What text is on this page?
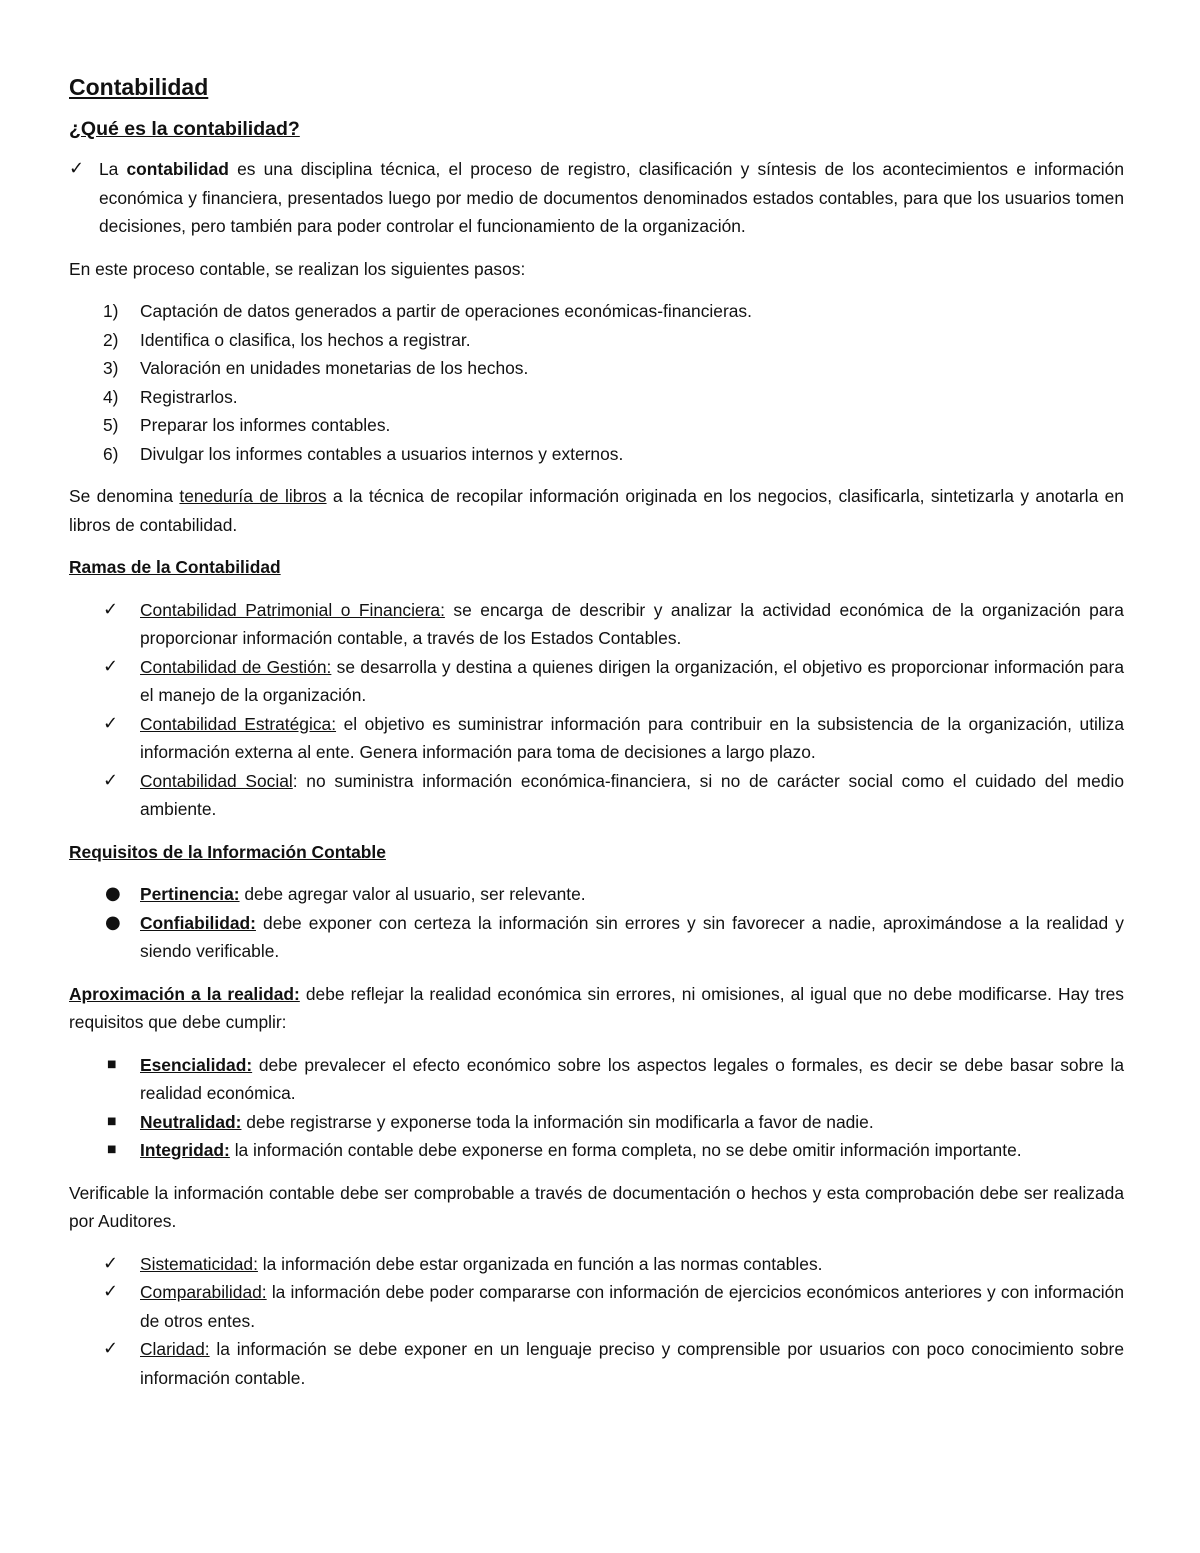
Contabilidad
¿Qué es la contabilidad?
✓ La contabilidad es una disciplina técnica, el proceso de registro, clasificación y síntesis de los acontecimientos e información económica y financiera, presentados luego por medio de documentos denominados estados contables, para que los usuarios tomen decisiones, pero también para poder controlar el funcionamiento de la organización.

En este proceso contable, se realizan los siguientes pasos:

1)	Captación de datos generados a partir de operaciones económicas-financieras.
2)	Identifica o clasifica, los hechos a registrar.
3)	Valoración en unidades monetarias de los hechos.
4)	Registrarlos.
5)	Preparar los informes contables.
6)	Divulgar los informes contables a usuarios internos y externos.

Se denomina teneduría de libros a la técnica de recopilar información originada en los negocios, clasificarla, sintetizarla y anotarla en libros de contabilidad.

Ramas de la Contabilidad
✓	Contabilidad Patrimonial o Financiera: se encarga de describir y analizar la actividad económica de la organización para proporcionar información contable, a través de los Estados Contables.
✓	Contabilidad de Gestión: se desarrolla y destina a quienes dirigen la organización, el objetivo es proporcionar información para el manejo de la organización.
✓	Contabilidad Estratégica: el objetivo es suministrar información para contribuir en la subsistencia de la organización, utiliza información externa al ente. Genera información para toma de decisiones a largo plazo.
✓	Contabilidad Social: no suministra información económica-financiera, si no de carácter social como el cuidado del medio ambiente.
Requisitos de la Información Contable
●	Pertinencia: debe agregar valor al usuario, ser relevante.
●	Confiabilidad: debe exponer con certeza la información sin errores y sin favorecer a nadie, aproximándose a la realidad y siendo verificable.

Aproximación a la realidad: debe reflejar la realidad económica sin errores, ni omisiones, al igual que no debe modificarse. Hay tres requisitos que debe cumplir:

■	Esencialidad: debe prevalecer el efecto económico sobre los aspectos legales o formales, es decir se debe basar sobre la realidad económica.
■	Neutralidad: debe registrarse y exponerse toda la información sin modificarla a favor de nadie.
■	Integridad: la información contable debe exponerse en forma completa, no se debe omitir información importante.

Verificable la información contable debe ser comprobable a través de documentación o hechos y esta comprobación debe ser realizada por Auditores.

✓	Sistematicidad: la información debe estar organizada en función a las normas contables.
✓	Comparabilidad: la información debe poder compararse con información de ejercicios económicos anteriores y con información de otros entes.
✓	Claridad: la información se debe exponer en un lenguaje preciso y comprensible por usuarios con poco conocimiento sobre información contable.
